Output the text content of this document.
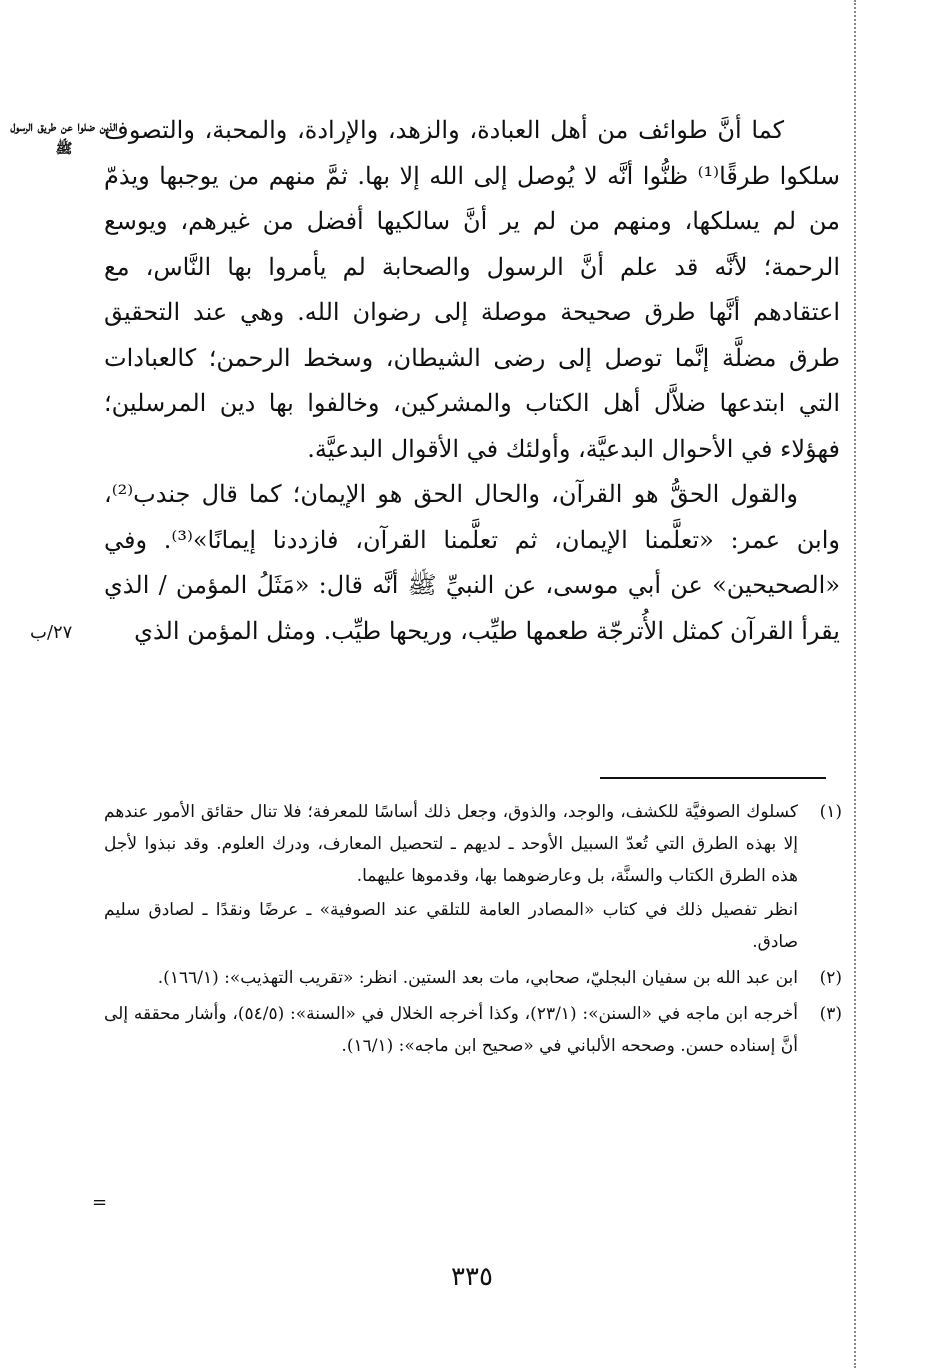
الذين ضلوا عن طريق الرسول ﷺ

كما أنَّ طوائف من أهل العبادة، والزهد، والإرادة، والمحبة، والتصوف سلكوا طرقًا⁽¹⁾ ظنُّوا أنَّه لا يُوصل إلى الله إلا بها. ثمَّ منهم من يوجبها ويذمّ من لم يسلكها، ومنهم من لم ير أنَّ سالكيها أفضل من غيرهم، ويوسع الرحمة؛ لأنَّه قد علم أنَّ الرسول والصحابة لم يأمروا بها النَّاس، مع اعتقادهم أنَّها طرق صحيحة موصلة إلى رضوان الله. وهي عند التحقيق طرق مضلَّة إنَّما توصل إلى رضى الشيطان، وسخط الرحمن؛ كالعبادات التي ابتدعها ضلاَّل أهل الكتاب والمشركين، وخالفوا بها دين المرسلين؛ فهؤلاء في الأحوال البدعيَّة، وأولئك في الأقوال البدعيَّة.

والقول الحقُّ هو القرآن، والحال الحق هو الإيمان؛ كما قال جندب⁽²⁾، وابن عمر: «تعلَّمنا الإيمان، ثم تعلَّمنا القرآن، فازددنا إيمانًا»⁽³⁾. وفي «الصحيحين» عن أبي موسى، عن النبيِّ ﷺ أنَّه قال: «مَثَلُ المؤمن / الذي يقرأ القرآن كمثل الأُترجّة طعمها طيِّب، وريحها طيِّب. ومثل المؤمن الذي

٢٧/ب
(١)

كسلوك الصوفيَّة للكشف، والوجد، والذوق، وجعل ذلك أساسًا للمعرفة؛ فلا تنال حقائق الأمور عندهم إلا بهذه الطرق التي تُعدّ السبيل الأوحد ـ لديهم ـ لتحصيل المعارف، ودرك العلوم. وقد نبذوا لأجل هذه الطرق الكتاب والسنَّة، بل وعارضوهما بها، وقدموها عليهما.

انظر تفصيل ذلك في كتاب «المصادر العامة للتلقي عند الصوفية» ـ عرضًا ونقدًا ـ لصادق سليم صادق.

(٢)

ابن عبد الله بن سفيان البجليّ، صحابي، مات بعد الستين. انظر: «تقريب التهذيب»: (١٦٦/١).

(٣)

أخرجه ابن ماجه في «السنن»: (٢٣/١)، وكذا أخرجه الخلال في «السنة»: (٥٤/٥)، وأشار محققه إلى أنَّ إسناده حسن. وصححه الألباني في «صحيح ابن ماجه»: (١٦/١).

=
٣٣٥
